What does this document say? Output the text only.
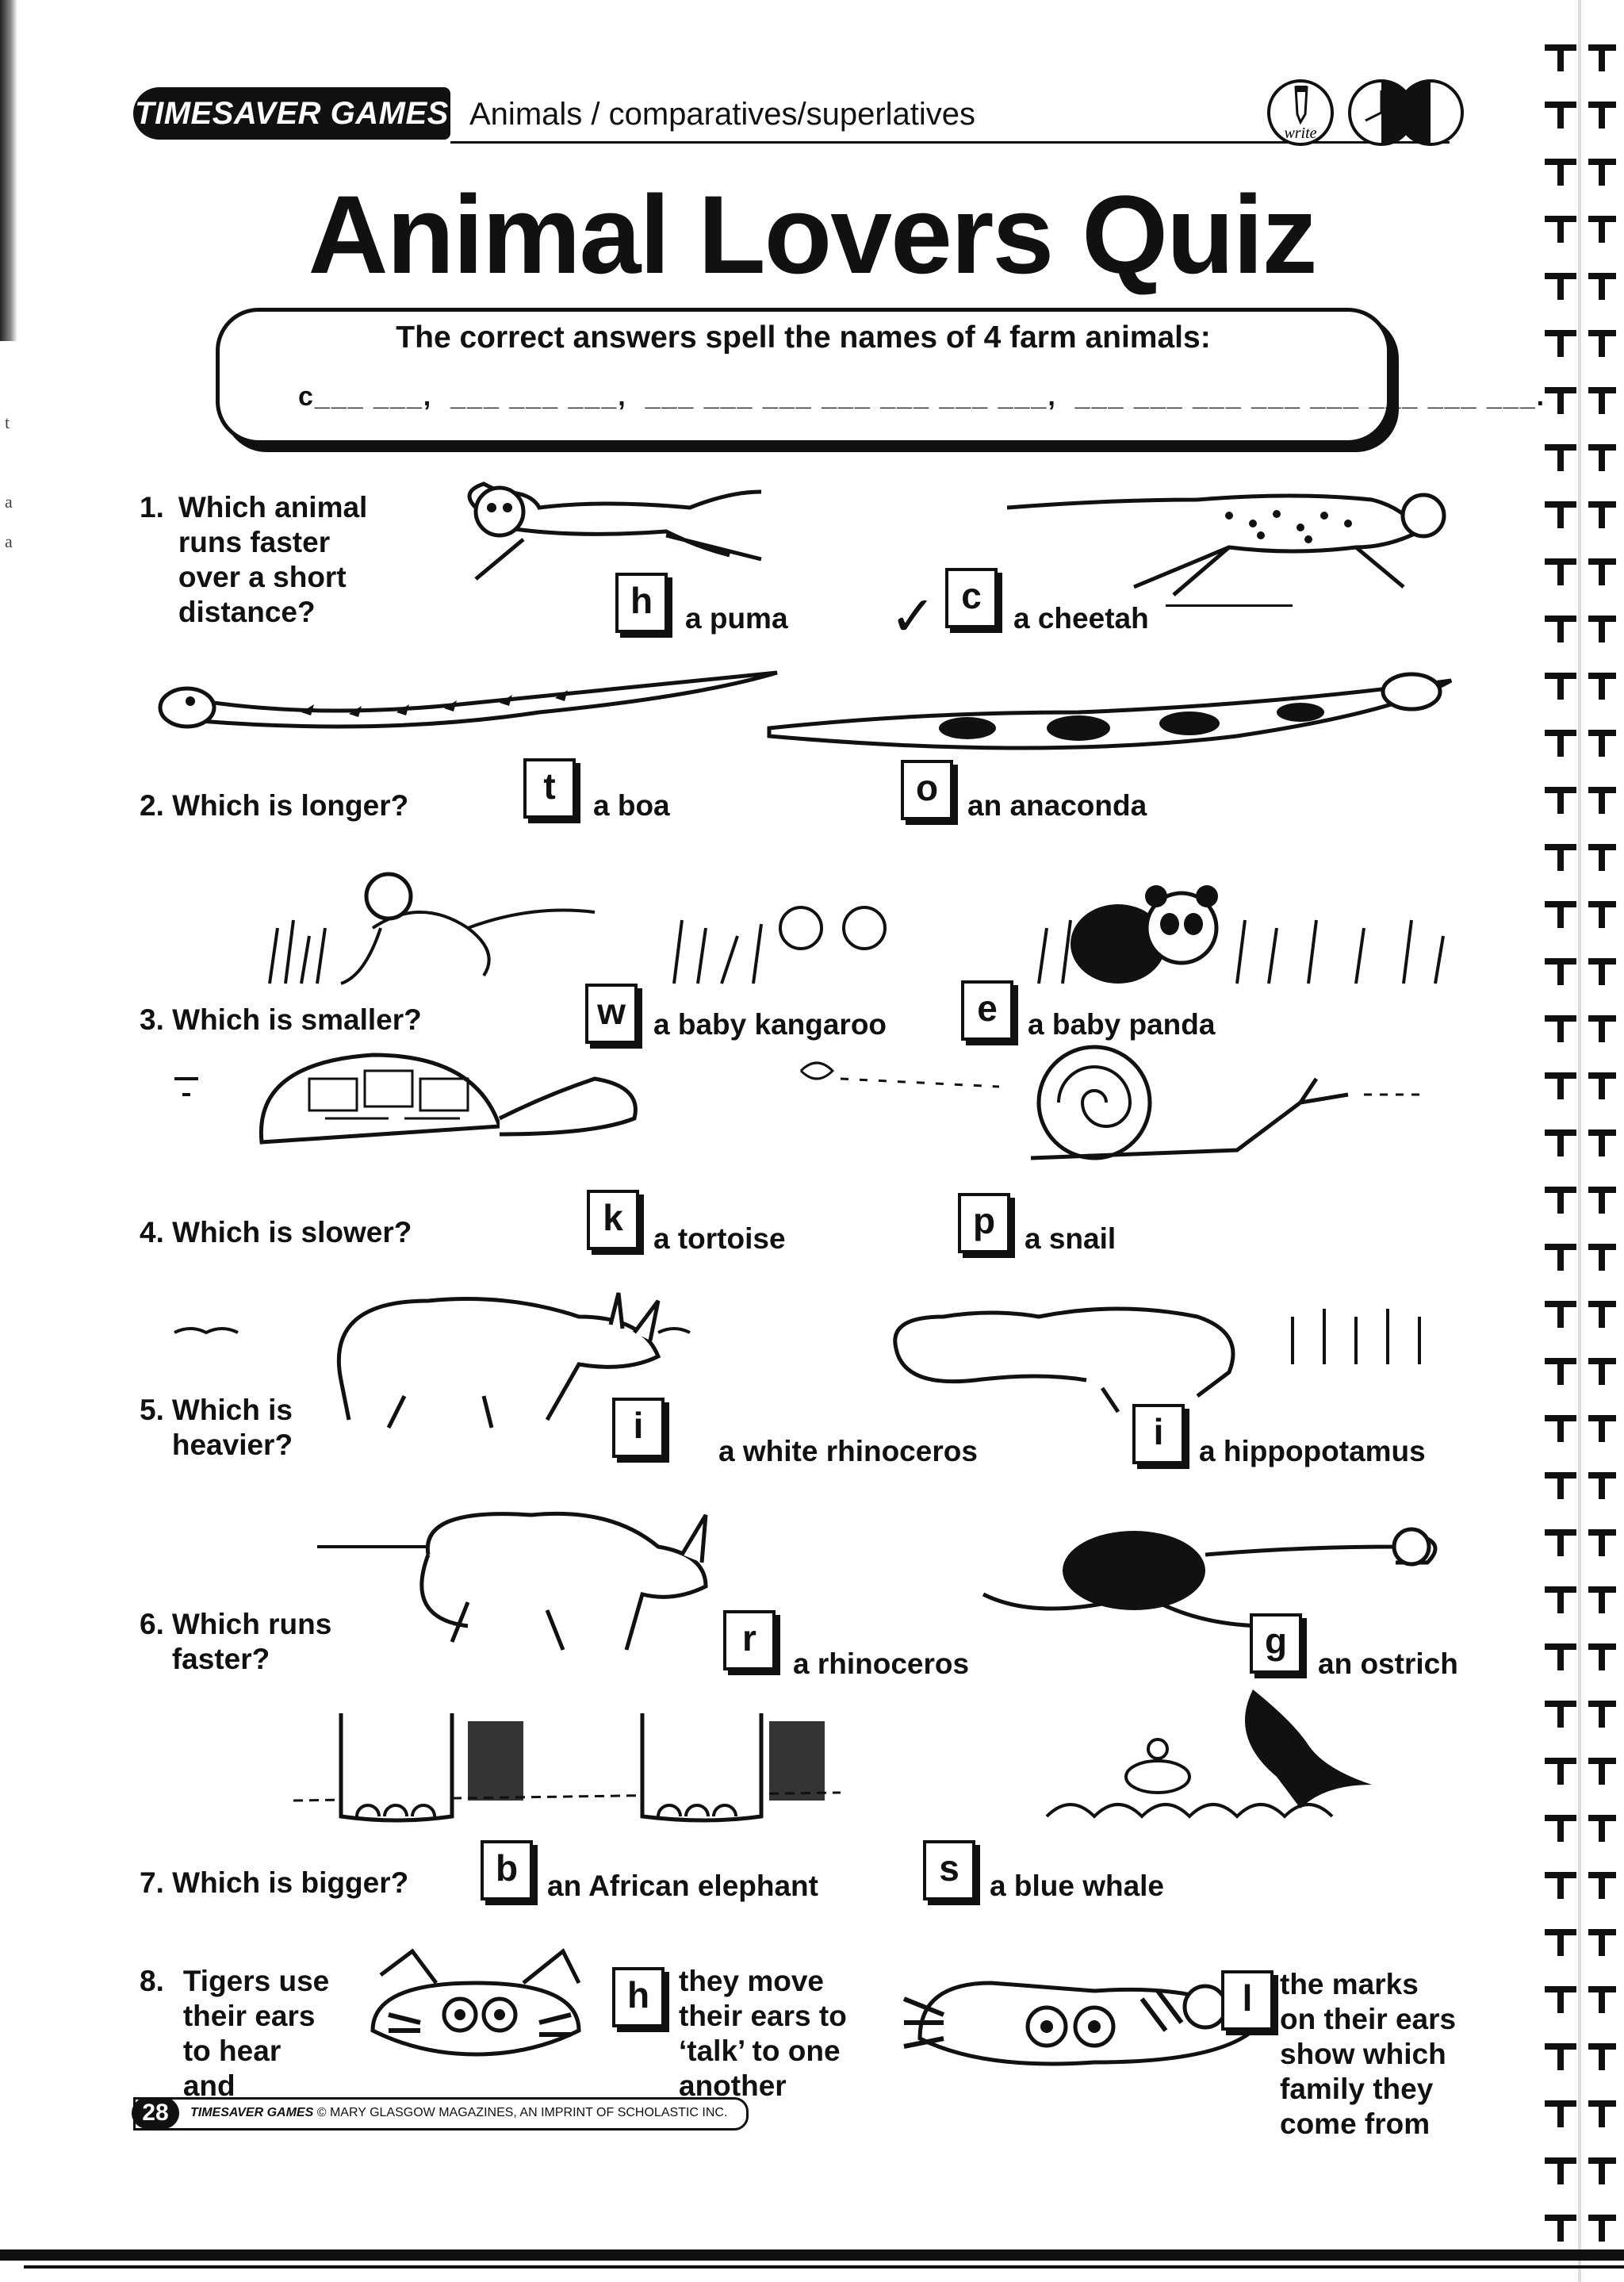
t
a
a
TIMESAVER GAMES Animals / comparatives/superlatives
write
Animal Lovers Quiz
The correct answers spell the names of 4 farm animals:
c___ ___,  ___ ___ ___,  ___ ___ ___ ___ ___ ___ ___,  ___ ___ ___ ___ ___ ___ ___ ___.
1. Which animal
runs faster
over a short
distance?	✓
h	a puma
c
a cheetah
2. Which is longer?	t	a boa	o an anaconda
3. Which is smaller?	w a baby kangaroo	e	a baby panda
4. Which is slower?	k
a tortoise	p a snail
5. Which is
heavier?	i
a white rhinoceros	i	a hippopotamus
6. Which runs
faster?
r
a rhinoceros
g
an ostrich
7. Which is bigger?	b an African elephant	s	a blue whale
8. Tigers use
their ears
to hear
and
h they move
their ears to
‘talk’ to one
another
l the marks
on their ears
show which
family they
come from
28	TIMESAVER GAMES © MARY GLASGOW MAGAZINES, AN IMPRINT OF SCHOLASTIC INC.
